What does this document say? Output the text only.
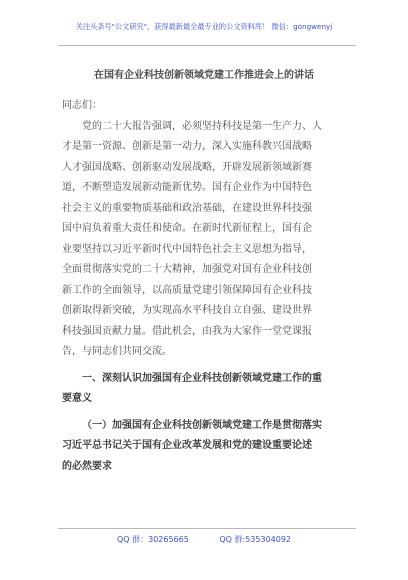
关注头条号"公文研究"，获得最新最全最专业的公文资料库！ 微信：gongwenyj
在国有企业科技创新领域党建工作推进会上的讲话
同志们：
党的二十大报告强调，必须坚持科技是第一生产力、人
才是第一资源、创新是第一动力，深入实施科教兴国战略
人才强国战略、创新驱动发展战略，开辟发展新领域新赛
道，不断塑造发展新动能新优势。国有企业作为中国特色
社会主义的重要物质基础和政治基础，在建设世界科技强
国中肩负着重大责任和使命。在新时代新征程上，国有企
业要坚持以习近平新时代中国特色社会主义思想为指导，
全面贯彻落实党的二十大精神，加强党对国有企业科技创
新工作的全面领导，以高质量党建引领保障国有企业科技
创新取得新突破，为实现高水平科技自立自强、建设世界
科技强国贡献力量。借此机会，由我为大家作一堂党课报
告，与同志们共同交流。
一、深刻认识加强国有企业科技创新领域党建工作的重
要意义
（一）加强国有企业科技创新领域党建工作是贯彻落实
习近平总书记关于国有企业改革发展和党的建设重要论述
的必然要求
QQ 群：30265665	QQ 群:535304092
